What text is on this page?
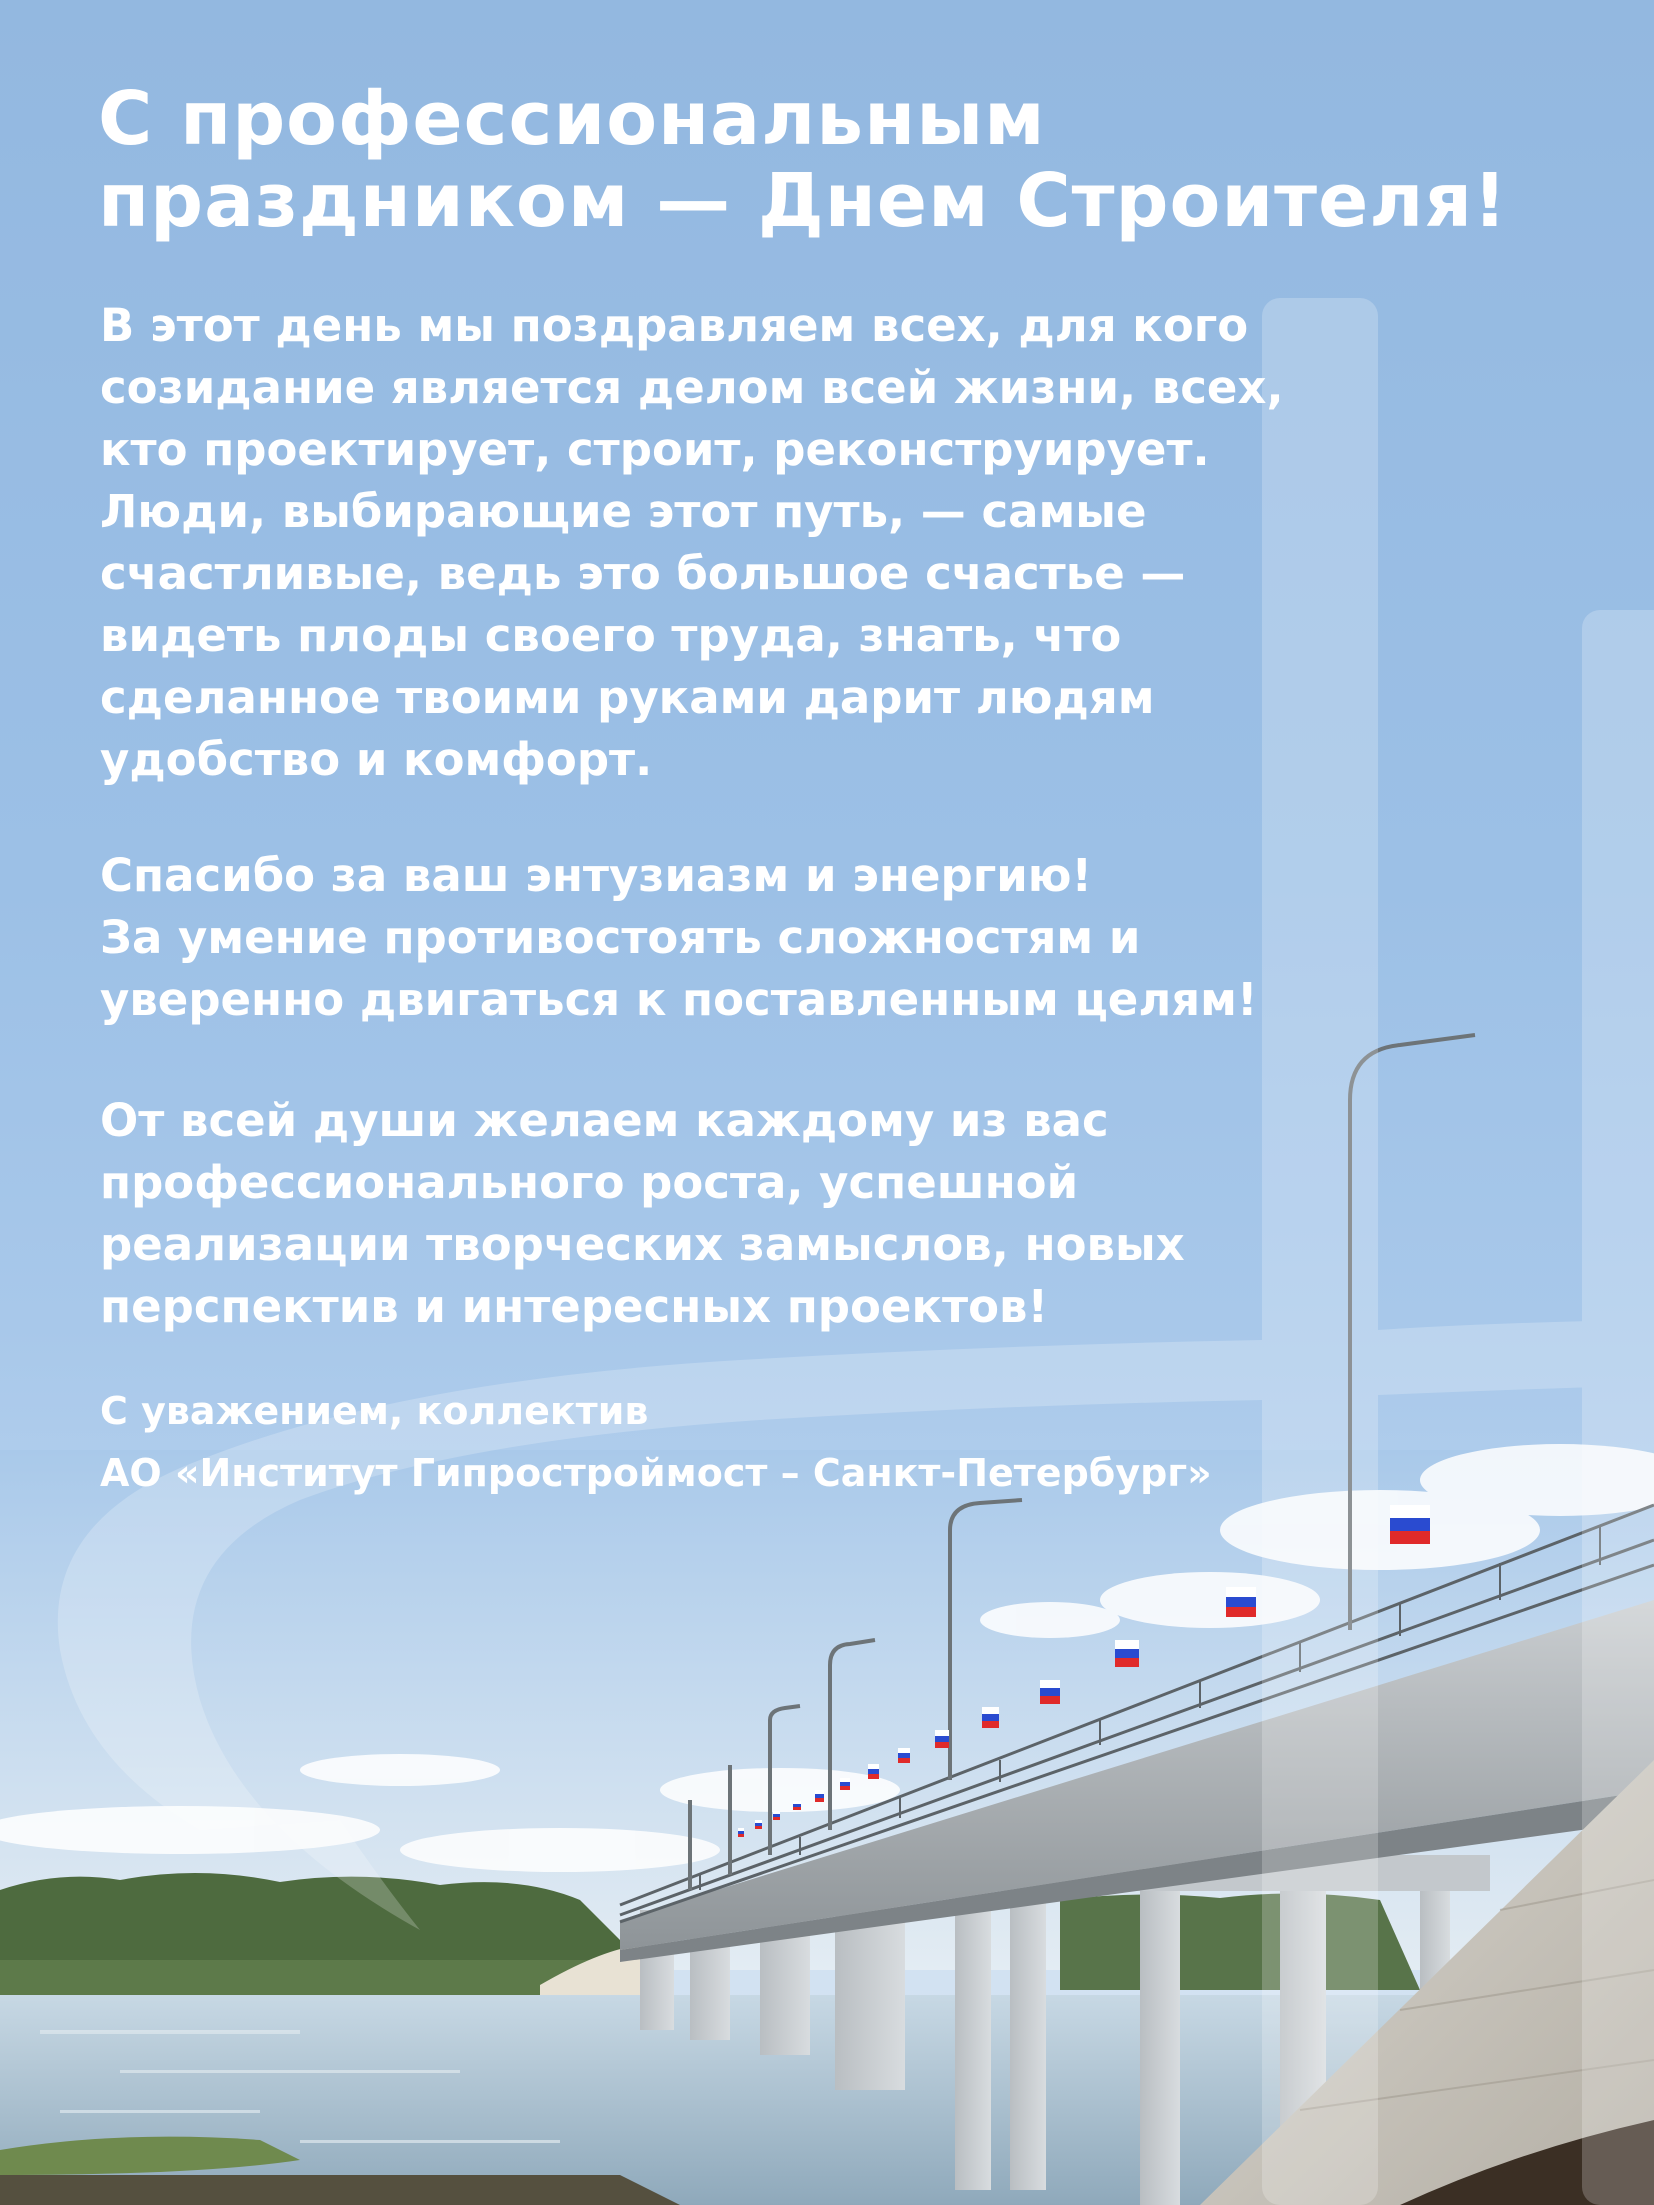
С профессиональным
праздником — Днем Строителя!
В этот день мы поздравляем всех, для кого
созидание является делом всей жизни, всех,
кто проектирует, строит, реконструирует.
Люди, выбирающие этот путь, — самые
счастливые, ведь это большое счастье —
видеть плоды своего труда, знать, что
сделанное твоими руками дарит людям
удобство и комфорт.
Спасибо за ваш энтузиазм и энергию!
За умение противостоять сложностям и
уверенно двигаться к поставленным целям!
От всей души желаем каждому из вас
профессионального роста, успешной
реализации творческих замыслов, новых
перспектив и интересных проектов!
С уважением, коллектив
АО «Институт Гипростроймост – Санкт-Петербург»
